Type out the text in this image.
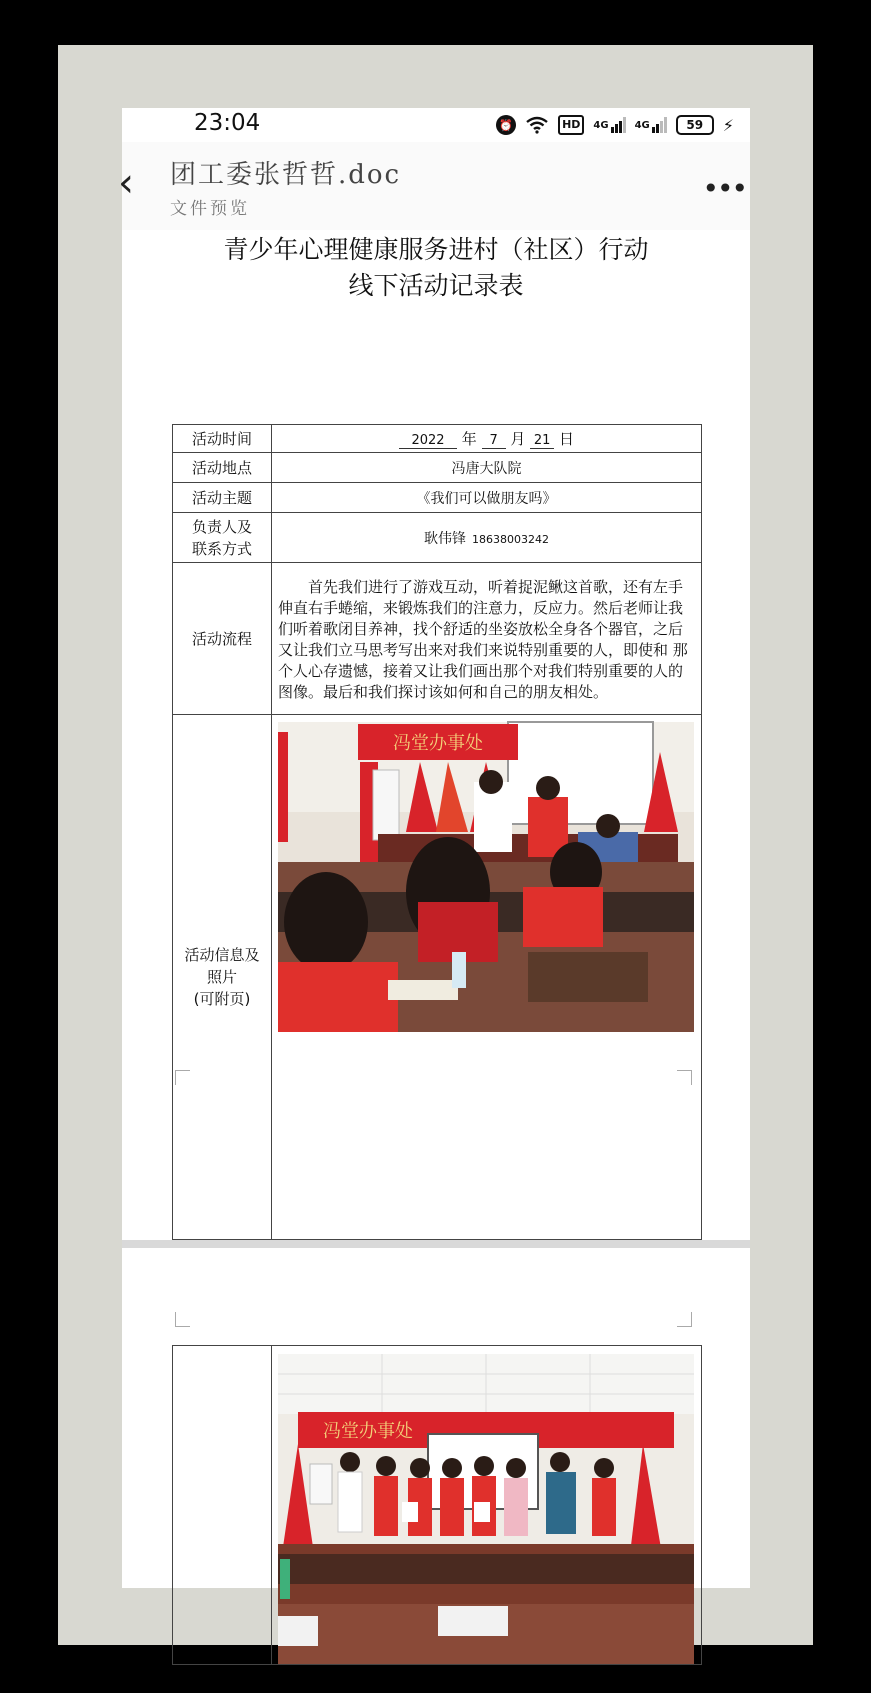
23:04	⏰	HD	4G	4G	59	⚡
‹ 团工委张哲哲.doc
文件预览
•••
青少年心理健康服务进村（社区）行动
线下活动记录表
活动时间	2022 年 7 月 21 日
活动地点	冯唐大队院
活动主题	《我们可以做朋友吗》

负责人及
联系方式	耿伟锋 18638003242
活动流程	首先我们进行了游戏互动，听着捉泥鳅这首歌，还有左手伸直右手蜷缩，来锻炼我们的注意力，反应力。然后老师让我们听着歌闭目养神，找个舒适的坐姿放松全身各个器官，之后又让我们立马思考写出来对我们来说特别重要的人，即使和 那个人心存遗憾，接着又让我们画出那个对我们特别重要的人的图像。最后和我们探讨该如何和自己的朋友相处。

活动信息及
照片
(可附页)	冯堂办事处

冯堂办事处
